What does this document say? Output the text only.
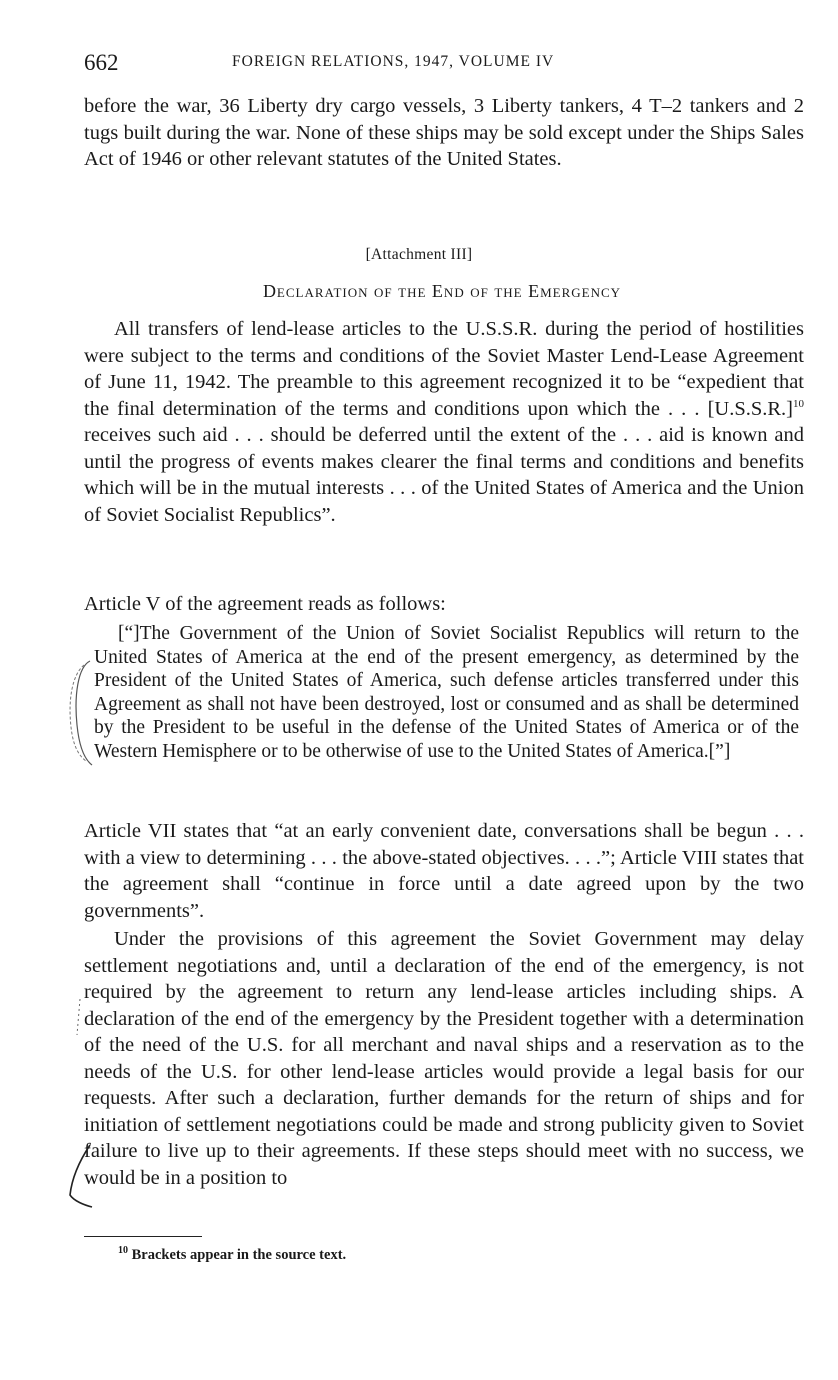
662	FOREIGN RELATIONS, 1947, VOLUME IV
before the war, 36 Liberty dry cargo vessels, 3 Liberty tankers, 4 T–2 tankers and 2 tugs built during the war. None of these ships may be sold except under the Ships Sales Act of 1946 or other relevant statutes of the United States.
[Attachment III]
Declaration of the End of the Emergency
All transfers of lend-lease articles to the U.S.S.R. during the period of hostilities were subject to the terms and conditions of the Soviet Master Lend-Lease Agreement of June 11, 1942. The preamble to this agreement recognized it to be “expedient that the final determination of the terms and conditions upon which the . . . $[U.S.S.R.]^{10}$ receives such aid . . . should be deferred until the extent of the . . . aid is known and until the progress of events makes clearer the final terms and conditions and benefits which will be in the mutual interests . . . of the United States of America and the Union of Soviet Socialist Republics”.
Article V of the agreement reads as follows:
[“]The Government of the Union of Soviet Socialist Republics will return to the United States of America at the end of the present emergency, as determined by the President of the United States of America, such defense articles transferred under this Agreement as shall not have been destroyed, lost or consumed and as shall be determined by the President to be useful in the defense of the United States of America or of the Western Hemisphere or to be otherwise of use to the United States of America.[”]
Article VII states that “at an early convenient date, conversations shall be begun . . . with a view to determining . . . the above-stated objectives. . . .”; Article VIII states that the agreement shall “continue in force until a date agreed upon by the two governments”.
Under the provisions of this agreement the Soviet Government may delay settlement negotiations and, until a declaration of the end of the emergency, is not required by the agreement to return any lend-lease articles including ships. A declaration of the end of the emergency by the President together with a determination of the need of the U.S. for all merchant and naval ships and a reservation as to the needs of the U.S. for other lend-lease articles would provide a legal basis for our requests. After such a declaration, further demands for the return of ships and for initiation of settlement negotiations could be made and strong publicity given to Soviet failure to live up to their agreements. If these steps should meet with no success, we would be in a position to
$^{10}$ Brackets appear in the source text.
